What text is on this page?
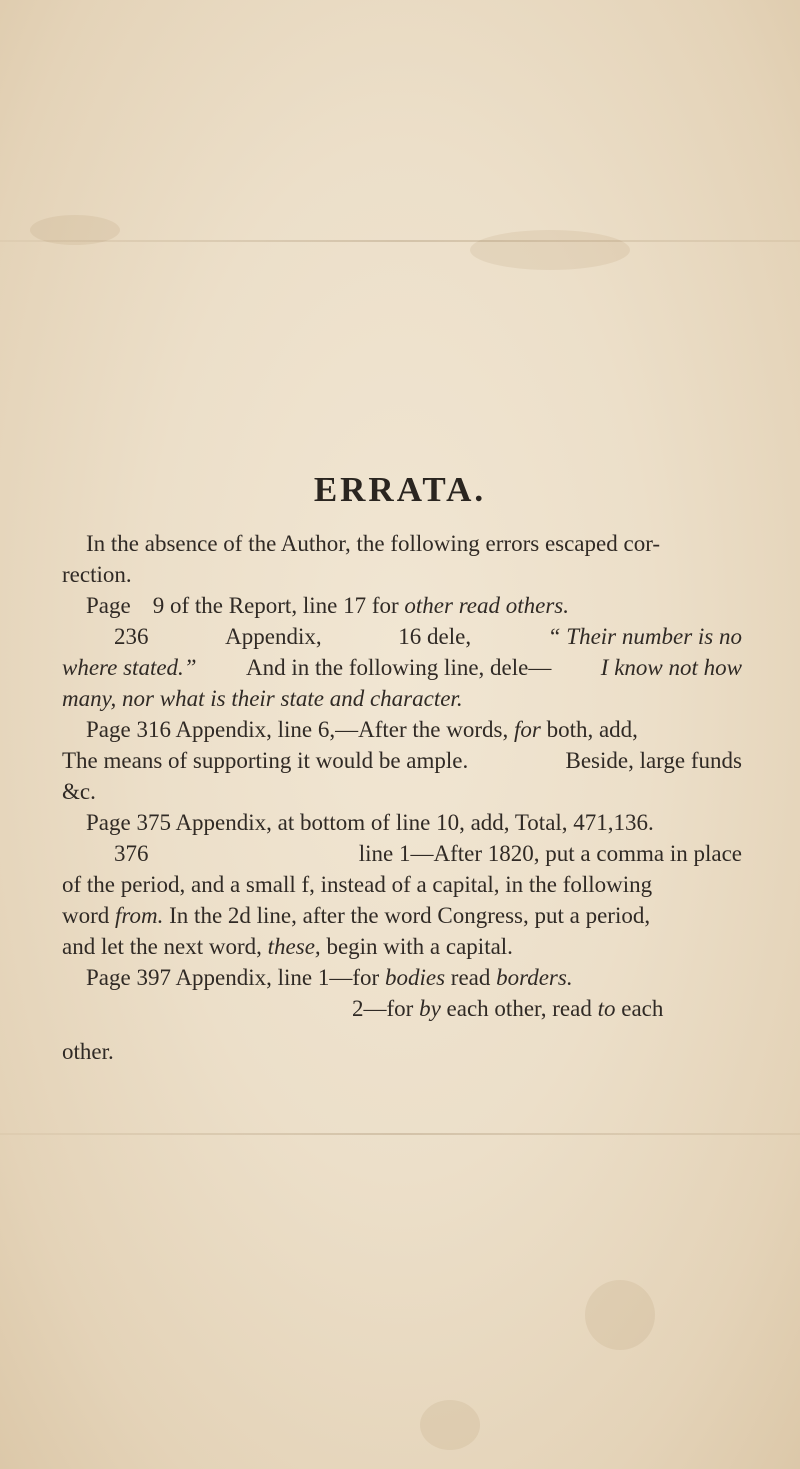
ERRATA.
In the absence of the Author, the following errors escaped cor-
rection.
Page 9 of the Report, line 17 for other read others.
236	Appendix,	16 dele,	“ Their number is no
where stated.” And in the following line, dele— I know not how
many, nor what is their state and character.
Page 316 Appendix, line 6,—After the words, for both, add,
The means of supporting it would be ample.	Beside, large funds
&c.
Page 375 Appendix, at bottom of line 10, add, Total, 471,136.
376	line 1—After 1820, put a comma in place
of the period, and a small f, instead of a capital, in the following
word from. In the 2d line, after the word Congress, put a period,
and let the next word, these, begin with a capital.
Page 397 Appendix, line 1—for bodies read borders.
2—for by each other, read to each
other.
